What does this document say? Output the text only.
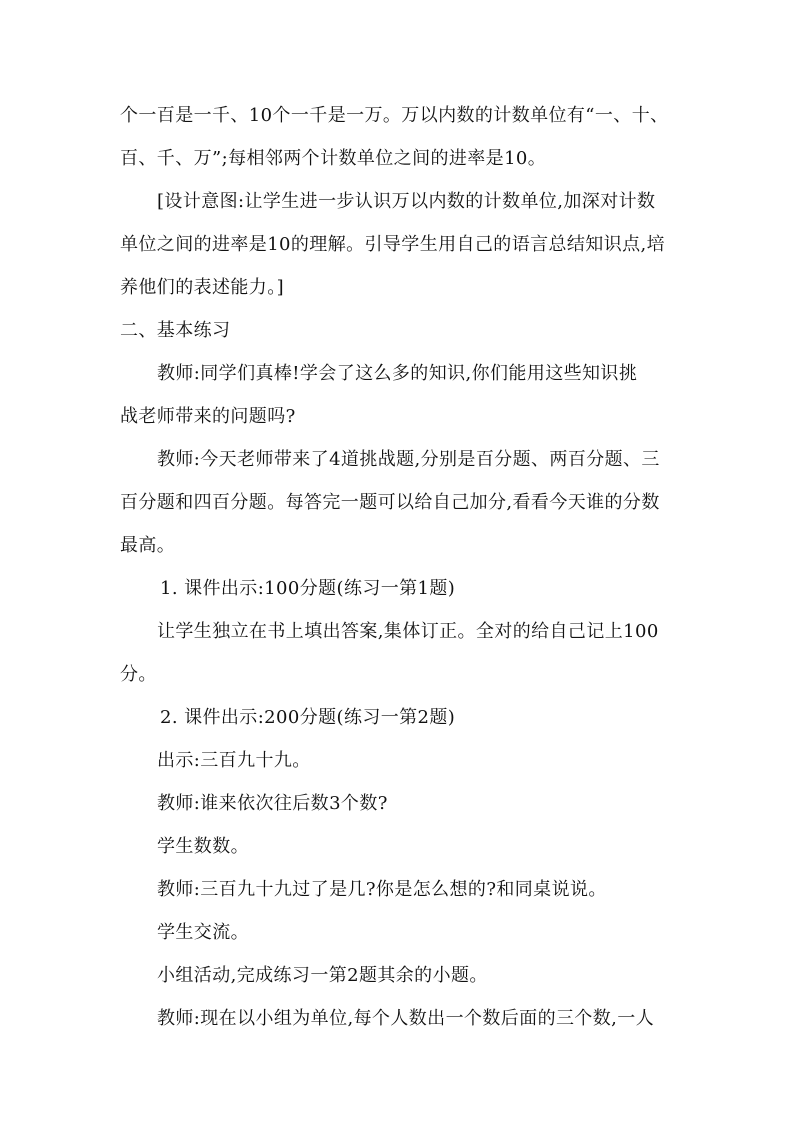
个一百是一千、10个一千是一万。万以内数的计数单位有“一、十、
百、千、万”;每相邻两个计数单位之间的进率是10。
[设计意图:让学生进一步认识万以内数的计数单位,加深对计数
单位之间的进率是10的理解。引导学生用自己的语言总结知识点,培
养他们的表述能力。]
二、基本练习
教师:同学们真棒!学会了这么多的知识,你们能用这些知识挑
战老师带来的问题吗?
教师:今天老师带来了4道挑战题,分别是百分题、两百分题、三
百分题和四百分题。每答完一题可以给自己加分,看看今天谁的分数
最高。
1. 课件出示:100分题(练习一第1题)
让学生独立在书上填出答案,集体订正。全对的给自己记上100
分。
2. 课件出示:200分题(练习一第2题)
出示:三百九十九。
教师:谁来依次往后数3个数?
学生数数。
教师:三百九十九过了是几?你是怎么想的?和同桌说说。
学生交流。
小组活动,完成练习一第2题其余的小题。
教师:现在以小组为单位,每个人数出一个数后面的三个数,一人
